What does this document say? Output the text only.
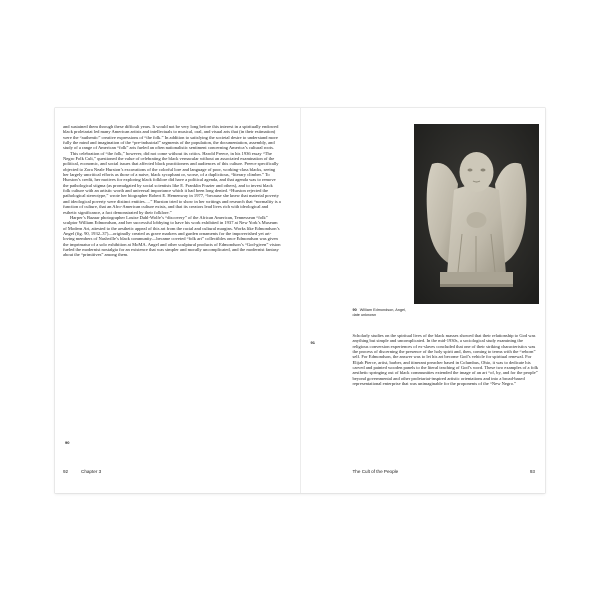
and sustained them through these difficult years. It would not be very long before this interest in a spiritually endowed black proletariat led many American artists and intellectuals to musical, oral, and visual arts that (in their estimation) were the “authentic” creative expressions of “the folk.” In addition to satisfying the societal desire to understand more fully the mind and imagination of the “pre-industrial” segments of the population, the documentation, assembly, and study of a range of American “folk” arts fueled an often nationalistic sentiment concerning America’s cultural roots.

This celebration of “the folk,” however, did not come without its critics. Harold Preece, in his 1936 essay “The Negro Folk Cult,” questioned the value of celebrating the black vernacular without an associated examination of the political, economic, and social issues that affected black practitioners and audiences of this culture. Preece specifically objected to Zora Neale Hurston’s excavations of the colorful lore and language of poor, working-class blacks, seeing her largely uncritical efforts as those of a naive, black sycophant or, worse, of a duplicitous, “literary climber.” To Hurston’s credit, her motives for exploring black folklore did have a political agenda, and that agenda was to remove the pathological stigma (as promulgated by social scientists like E. Franklin Frazier and others), and to invest black folk culture with an artistic worth and universal importance which it had been long denied. “Hurston rejected the pathological stereotype,” wrote her biographer Robert E. Hemenway in 1977, “because she knew that material poverty and ideological poverty were distinct entities….” Hurston tried to show in her writings and research that “normality is a function of culture, that an Afro-American culture exists, and that its creators lead lives rich with ideological and esthetic significance, a fact demonstrated by their folklore.”

Harper’s Bazaar photographer Louise Dahl-Wolfe’s “discovery” of the African American, Tennessean “folk” sculptor William Edmondson, and her successful lobbying to have his work exhibited in 1937 at New York’s Museum of Modern Art, attested to the aesthetic appeal of this art from the racial and cultural margins. Works like Edmondson’s Angel (fig. 90, 1932–37)—originally created as grave markers and garden ornaments for the impoverished yet art-loving members of Nashville’s black community—became coveted “folk art” collectibles once Edmondson was given the imprimatur of a solo exhibition at MoMA. Angel and other sculptural products of Edmondson’s “God-given” vision fueled the modernist nostalgia for an existence that was simpler and morally uncomplicated, and the modernist fantasy about the “primitives” among them.

90
92	Chapter 3
90 William Edmondson, Angel, date unknown
91

Scholarly studies on the spiritual lives of the black masses showed that their relationship to God was anything but simple and uncomplicated. In the mid-1930s, a sociological study examining the religious conversion experiences of ex-slaves concluded that one of their striking characteristics was the process of discerning the presence of the holy spirit and, then, coming to terms with the “reborn” self. For Edmondson, the answer was to let his art become God’s vehicle for spiritual renewal. For Elijah Pierce, artist, barber, and itinerant preacher based in Columbus, Ohio, it was to dedicate his carved and painted wooden panels to the literal teaching of God’s word. These two examples of a folk aesthetic springing out of black communities extended the image of an art “of, by, and for the people” beyond governmental and other proletariat-inspired artistic orientations and into a broad-based representational enterprise that was unimaginable for the proponents of the “New Negro.”

The Cult of the People	93
